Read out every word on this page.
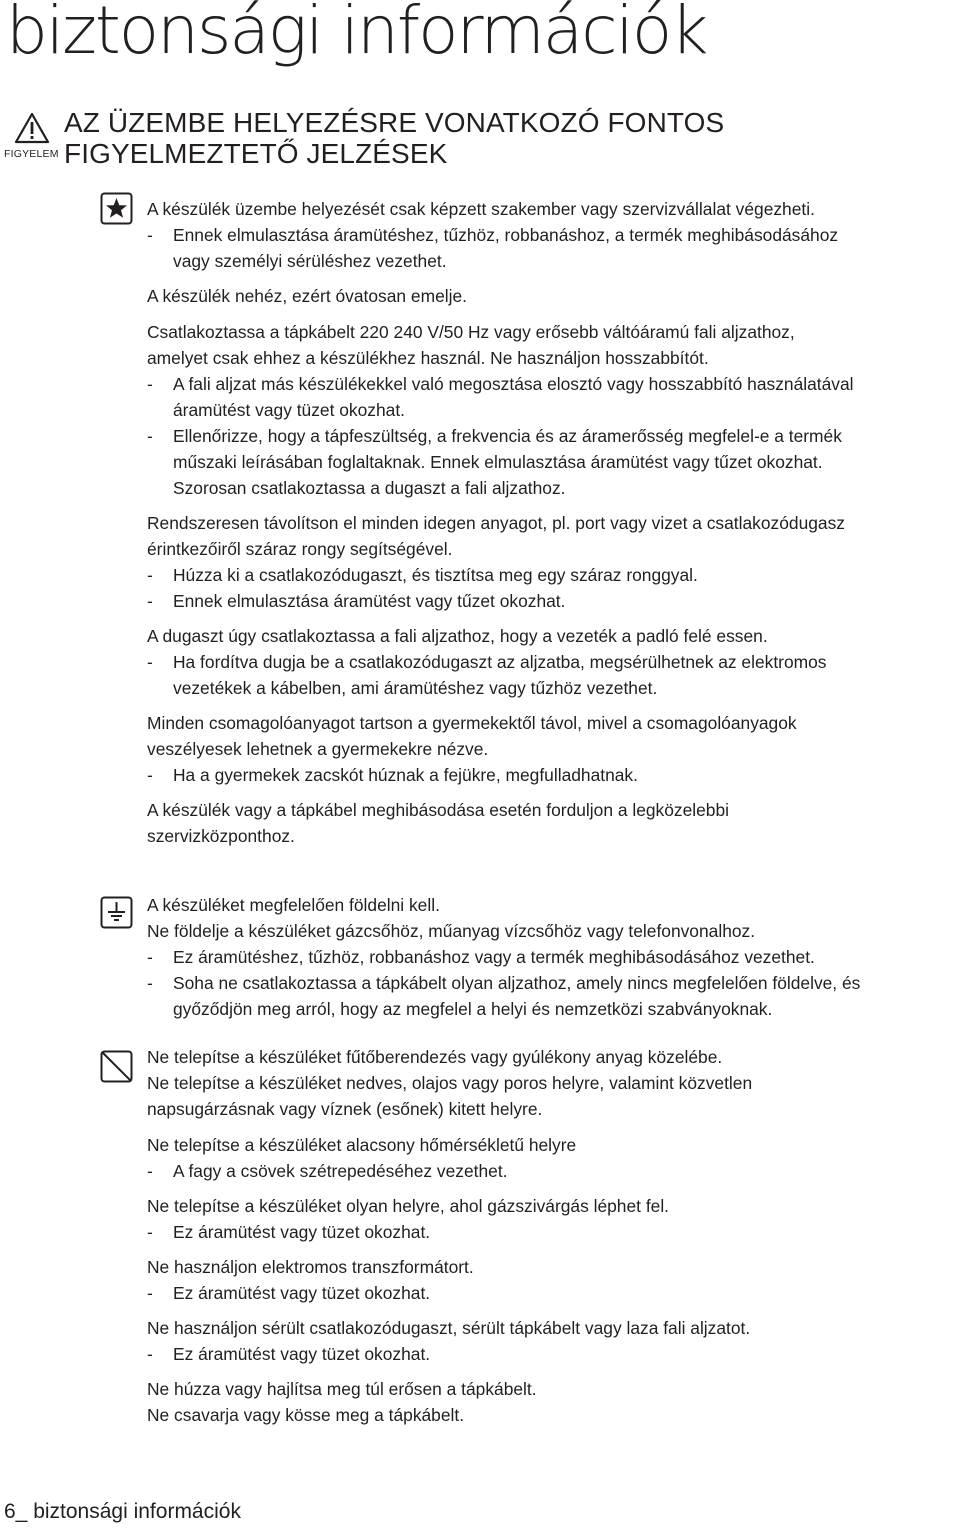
biztonsági információk
FIGYELEM
AZ ÜZEMBE HELYEZÉSRE VONATKOZÓ FONTOS
FIGYELMEZTETŐ JELZÉSEK

A készülék üzembe helyezését csak képzett szakember vagy szervizvállalat végezheti.

- Ennek elmulasztása áramütéshez, tűzhöz, robbanáshoz, a termék meghibásodásához
vagy személyi sérüléshez vezethet.

A készülék nehéz, ezért óvatosan emelje.

Csatlakoztassa a tápkábelt 220 240 V/50 Hz vagy erősebb váltóáramú fali aljzathoz,
amelyet csak ehhez a készülékhez használ. Ne használjon hosszabbítót.

- A fali aljzat más készülékekkel való megosztása elosztó vagy hosszabbító használatával
áramütést vagy tüzet okozhat.
- Ellenőrizze, hogy a tápfeszültség, a frekvencia és az áramerősség megfelel-e a termék
műszaki leírásában foglaltaknak. Ennek elmulasztása áramütést vagy tűzet okozhat.
Szorosan csatlakoztassa a dugaszt a fali aljzathoz.

Rendszeresen távolítson el minden idegen anyagot, pl. port vagy vizet a csatlakozódugasz
érintkezőiről száraz rongy segítségével.

- Húzza ki a csatlakozódugaszt, és tisztítsa meg egy száraz ronggyal.
- Ennek elmulasztása áramütést vagy tűzet okozhat.

A dugaszt úgy csatlakoztassa a fali aljzathoz, hogy a vezeték a padló felé essen.

- Ha fordítva dugja be a csatlakozódugaszt az aljzatba, megsérülhetnek az elektromos
vezetékek a kábelben, ami áramütéshez vagy tűzhöz vezethet.

Minden csomagolóanyagot tartson a gyermekektől távol, mivel a csomagolóanyagok
veszélyesek lehetnek a gyermekekre nézve.

- Ha a gyermekek zacskót húznak a fejükre, megfulladhatnak.

A készülék vagy a tápkábel meghibásodása esetén forduljon a legközelebbi
szervizközponthoz.

A készüléket megfelelően földelni kell.
Ne földelje a készüléket gázcsőhöz, műanyag vízcsőhöz vagy telefonvonalhoz.

- Ez áramütéshez, tűzhöz, robbanáshoz vagy a termék meghibásodásához vezethet.
- Soha ne csatlakoztassa a tápkábelt olyan aljzathoz, amely nincs megfelelően földelve, és
győződjön meg arról, hogy az megfelel a helyi és nemzetközi szabványoknak.

Ne telepítse a készüléket fűtőberendezés vagy gyúlékony anyag közelébe.
Ne telepítse a készüléket nedves, olajos vagy poros helyre, valamint közvetlen
napsugárzásnak vagy víznek (esőnek) kitett helyre.

Ne telepítse a készüléket alacsony hőmérsékletű helyre

- A fagy a csövek szétrepedéséhez vezethet.

Ne telepítse a készüléket olyan helyre, ahol gázszivárgás léphet fel.

- Ez áramütést vagy tüzet okozhat.

Ne használjon elektromos transzformátort.

- Ez áramütést vagy tüzet okozhat.

Ne használjon sérült csatlakozódugaszt, sérült tápkábelt vagy laza fali aljzatot.

- Ez áramütést vagy tüzet okozhat.

Ne húzza vagy hajlítsa meg túl erősen a tápkábelt.
Ne csavarja vagy kösse meg a tápkábelt.

6_ biztonsági információk
